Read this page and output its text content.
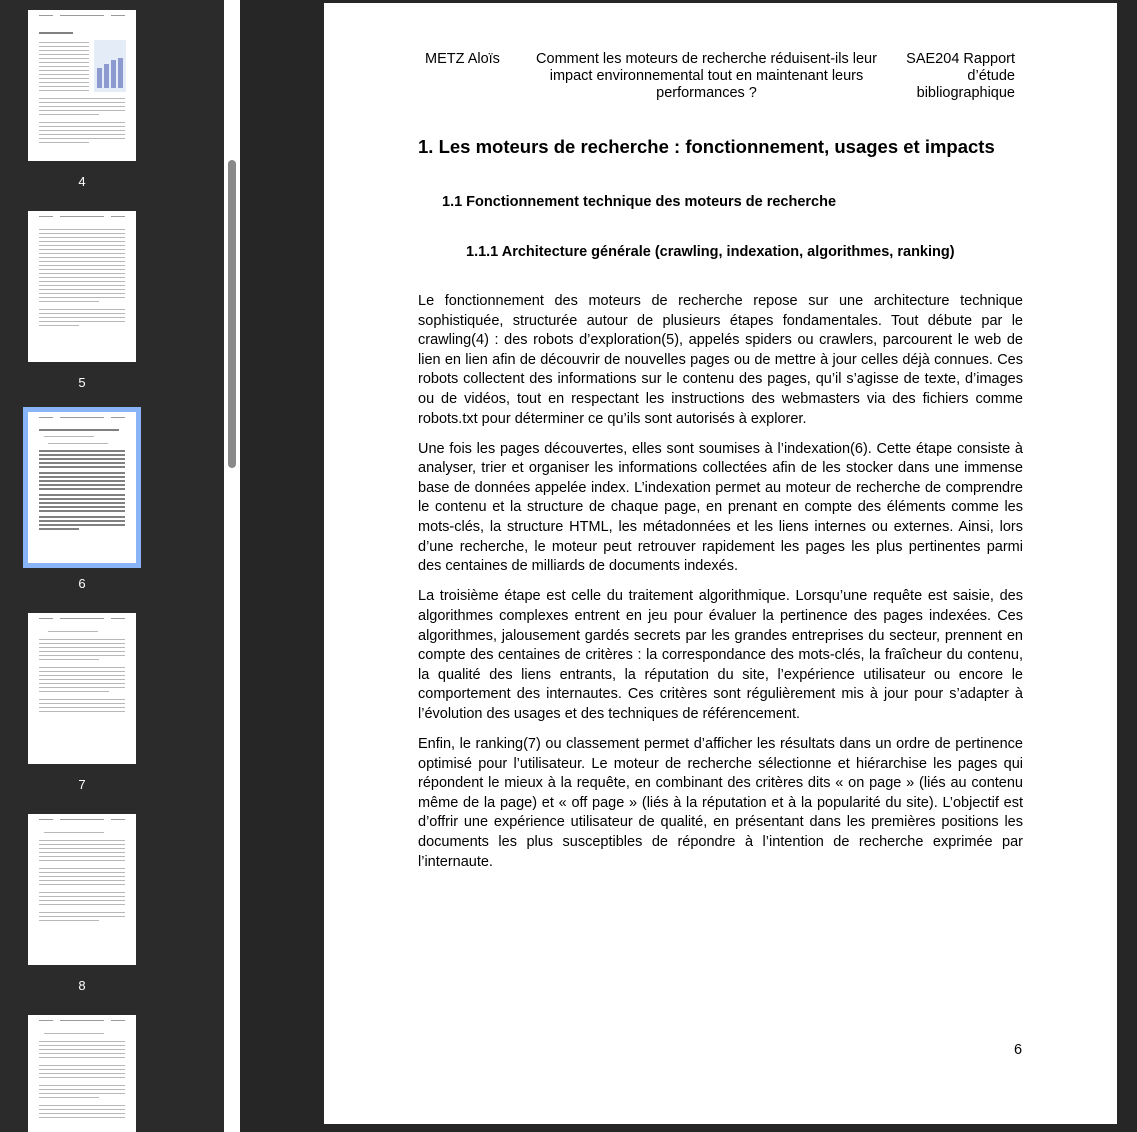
4
5
6
7
8
METZ Aloïs	Comment les moteurs de recherche réduisent-ils leur impact environnemental tout en maintenant leurs performances ?
SAE204 Rapport d’étude bibliographique
1. Les moteurs de recherche : fonctionnement, usages et impacts
1.1 Fonctionnement technique des moteurs de recherche
1.1.1 Architecture générale (crawling, indexation, algorithmes, ranking)

Le fonctionnement des moteurs de recherche repose sur une architecture technique sophistiquée, structurée autour de plusieurs étapes fondamentales. Tout débute par le crawling(4) : des robots d’exploration(5), appelés spiders ou crawlers, parcourent le web de lien en lien afin de découvrir de nouvelles pages ou de mettre à jour celles déjà connues. Ces robots collectent des informations sur le contenu des pages, qu’il s’agisse de texte, d’images ou de vidéos, tout en respectant les instructions des webmasters via des fichiers comme robots.txt pour déterminer ce qu’ils sont autorisés à explorer.

Une fois les pages découvertes, elles sont soumises à l’indexation(6). Cette étape consiste à analyser, trier et organiser les informations collectées afin de les stocker dans une immense base de données appelée index. L’indexation permet au moteur de recherche de comprendre le contenu et la structure de chaque page, en prenant en compte des éléments comme les mots-clés, la structure HTML, les métadonnées et les liens internes ou externes. Ainsi, lors d’une recherche, le moteur peut retrouver rapidement les pages les plus pertinentes parmi des centaines de milliards de documents indexés.

La troisième étape est celle du traitement algorithmique. Lorsqu’une requête est saisie, des algorithmes complexes entrent en jeu pour évaluer la pertinence des pages indexées. Ces algorithmes, jalousement gardés secrets par les grandes entreprises du secteur, prennent en compte des centaines de critères : la correspondance des mots-clés, la fraîcheur du contenu, la qualité des liens entrants, la réputation du site, l’expérience utilisateur ou encore le comportement des internautes. Ces critères sont régulièrement mis à jour pour s’adapter à l’évolution des usages et des techniques de référencement.

Enfin, le ranking(7) ou classement permet d’afficher les résultats dans un ordre de pertinence optimisé pour l’utilisateur. Le moteur de recherche sélectionne et hiérarchise les pages qui répondent le mieux à la requête, en combinant des critères dits « on page » (liés au contenu même de la page) et « off page » (liés à la réputation et à la popularité du site). L’objectif est d’offrir une expérience utilisateur de qualité, en présentant dans les premières positions les documents les plus susceptibles de répondre à l’intention de recherche exprimée par l’internaute.

6
